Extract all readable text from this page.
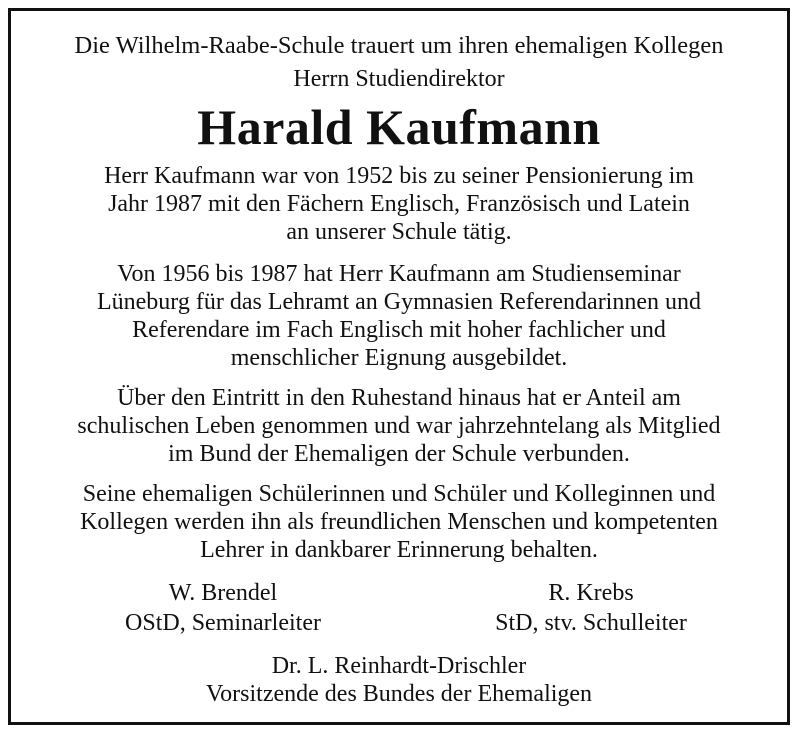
Die Wilhelm-Raabe-Schule trauert um ihren ehemaligen Kollegen
Herrn Studiendirektor
Harald Kaufmann
Herr Kaufmann war von 1952 bis zu seiner Pensionierung im
Jahr 1987 mit den Fächern Englisch, Französisch und Latein
an unserer Schule tätig.
Von 1956 bis 1987 hat Herr Kaufmann am Studienseminar
Lüneburg für das Lehramt an Gymnasien Referendarinnen und
Referendare im Fach Englisch mit hoher fachlicher und
menschlicher Eignung ausgebildet.
Über den Eintritt in den Ruhestand hinaus hat er Anteil am
schulischen Leben genommen und war jahrzehntelang als Mitglied
im Bund der Ehemaligen der Schule verbunden.
Seine ehemaligen Schülerinnen und Schüler und Kolleginnen und
Kollegen werden ihn als freundlichen Menschen und kompetenten
Lehrer in dankbarer Erinnerung behalten.
W. Brendel
OStD, Seminarleiter
R. Krebs
StD, stv. Schulleiter
Dr. L. Reinhardt-Drischler
Vorsitzende des Bundes der Ehemaligen
